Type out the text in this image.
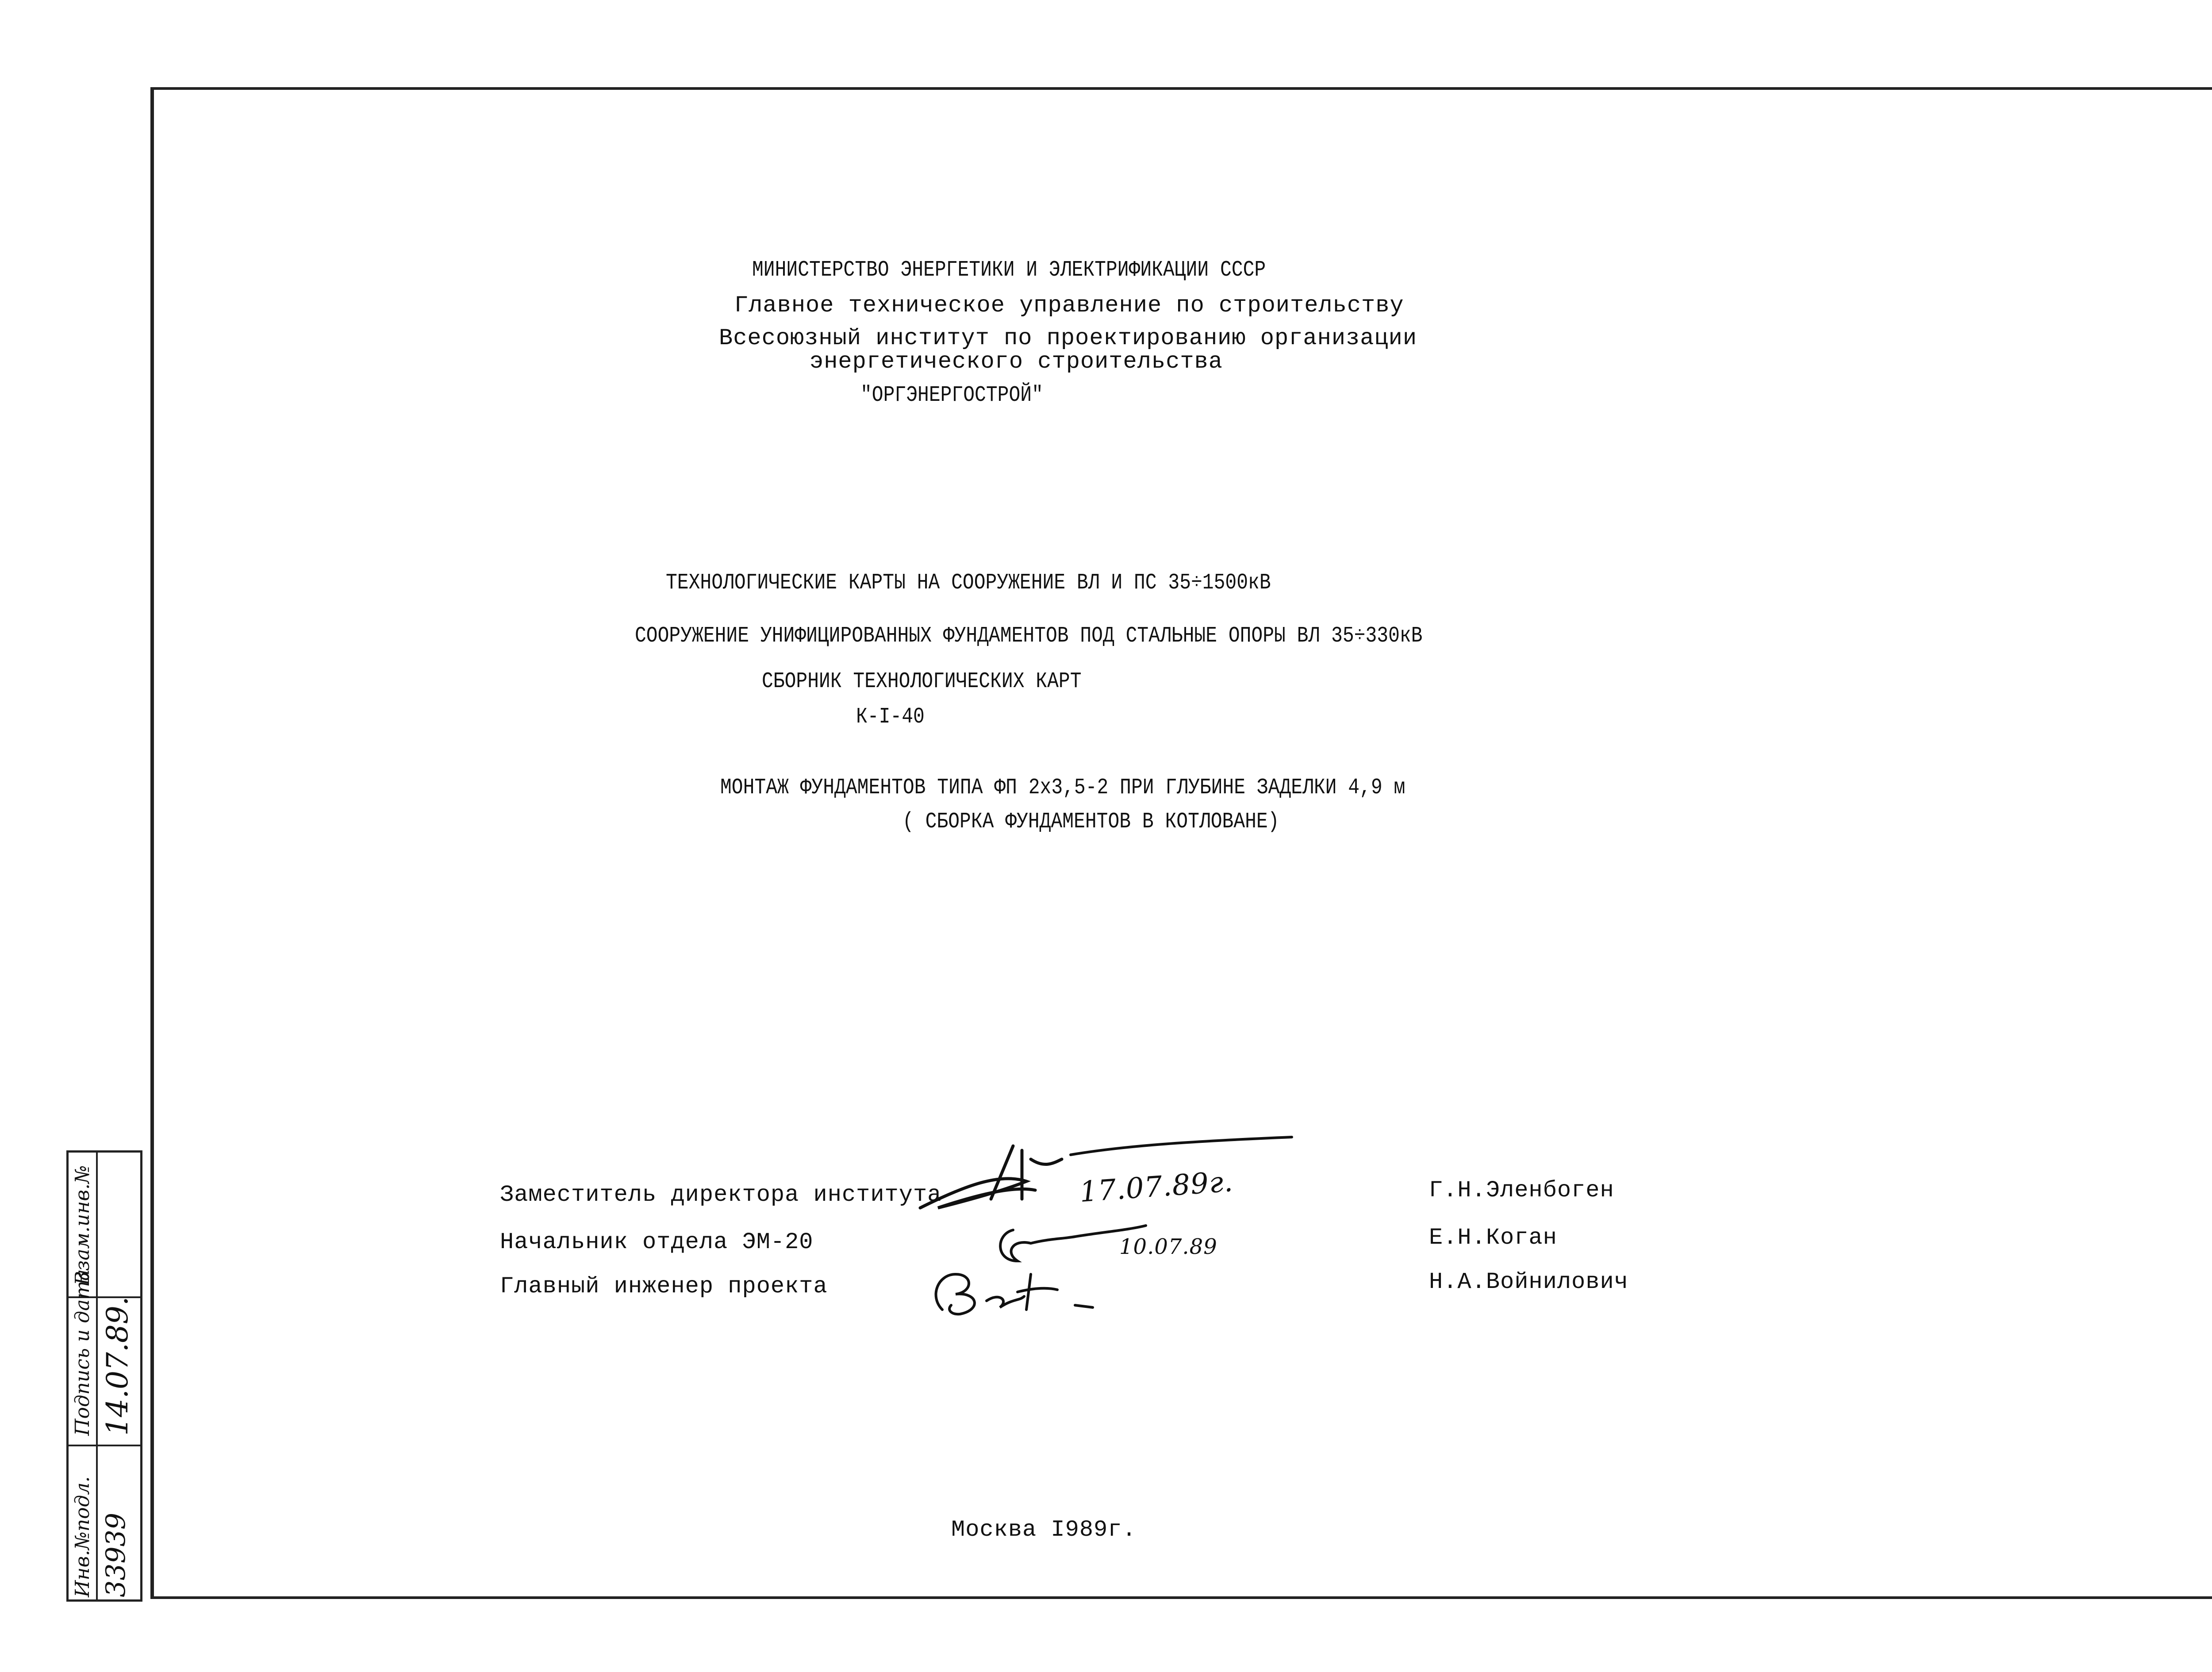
МИНИСТЕРСТВО ЭНЕРГЕТИКИ И ЭЛЕКТРИФИКАЦИИ СССР
Главное техническое управление по строительству
Всесоюзный институт по проектированию организации
энергетического строительства
"ОРГЭНЕРГОСТРОЙ"
ТЕХНОЛОГИЧЕСКИЕ КАРТЫ НА СООРУЖЕНИЕ ВЛ И ПС 35÷1500кВ
СООРУЖЕНИЕ УНИФИЦИРОВАННЫХ ФУНДАМЕНТОВ ПОД СТАЛЬНЫЕ ОПОРЫ ВЛ 35÷330кВ
СБОРНИК ТЕХНОЛОГИЧЕСКИХ КАРТ
К-I-40
МОНТАЖ ФУНДАМЕНТОВ ТИПА ФП 2х3,5-2 ПРИ ГЛУБИНЕ ЗАДЕЛКИ 4,9 м
( СБОРКА ФУНДАМЕНТОВ В КОТЛОВАНЕ)
Заместитель директора института
Начальник отдела ЭМ-20
Главный инженер проекта
Г.Н.Эленбоген
Е.Н.Коган
Н.А.Войнилович
17.07.89г.
10.07.89
Москва I989г.
Взам.инв.№
Подпись и дата
Инв.№подл.
14.07.89.
33939
